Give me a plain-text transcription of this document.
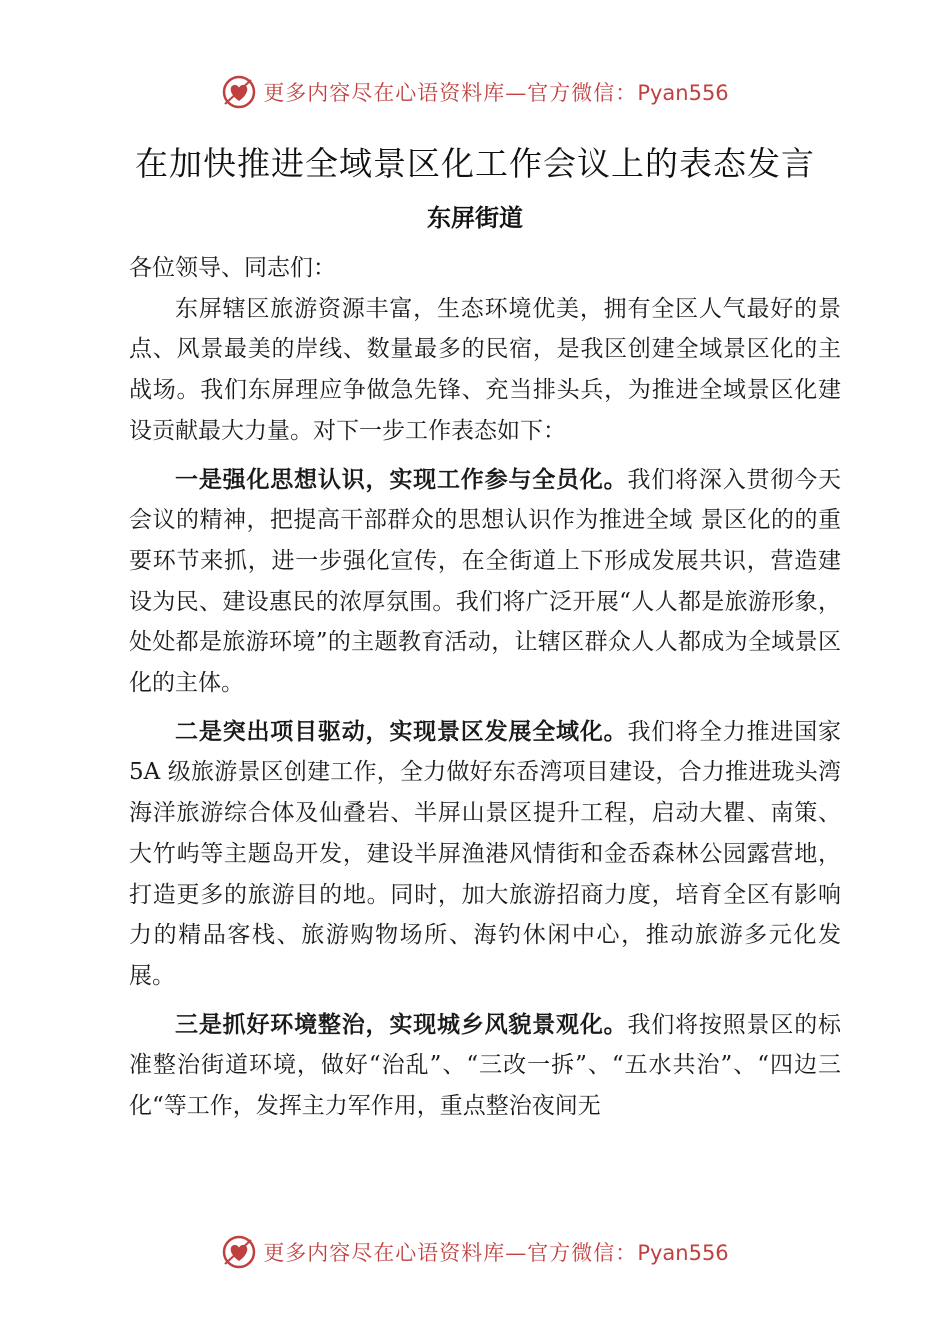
更多内容尽在心语资料库—官方微信：Pyan556
在加快推进全域景区化工作会议上的表态发言
东屏街道

各位领导、同志们：

东屏辖区旅游资源丰富，生态环境优美，拥有全区人气最好的景点、风景最美的岸线、数量最多的民宿，是我区创建全域景区化的主战场。我们东屏理应争做急先锋、充当排头兵，为推进全域景区化建设贡献最大力量。对下一步工作表态如下：

一是强化思想认识，实现工作参与全员化。我们将深入贯彻今天会议的精神，把提高干部群众的思想认识作为推进全域 景区化的的重要环节来抓，进一步强化宣传，在全街道上下形成发展共识，营造建设为民、建设惠民的浓厚氛围。我们将广泛开展“人人都是旅游形象，处处都是旅游环境”的主题教育活动，让辖区群众人人都成为全域景区化的主体。

二是突出项目驱动，实现景区发展全域化。我们将全力推进国家 5A 级旅游景区创建工作，全力做好东岙湾项目建设，合力推进珑头湾海洋旅游综合体及仙叠岩、半屏山景区提升工程，启动大瞿、南策、大竹屿等主题岛开发，建设半屏渔港风情街和金岙森林公园露营地，打造更多的旅游目的地。同时，加大旅游招商力度，培育全区有影响力的精品客栈、旅游购物场所、海钓休闲中心，推动旅游多元化发展。

三是抓好环境整治，实现城乡风貌景观化。我们将按照景区的标准整治街道环境，做好“治乱”、“三改一拆”、“五水共治”、“四边三化“等工作，发挥主力军作用，重点整治夜间无

更多内容尽在心语资料库—官方微信：Pyan556
